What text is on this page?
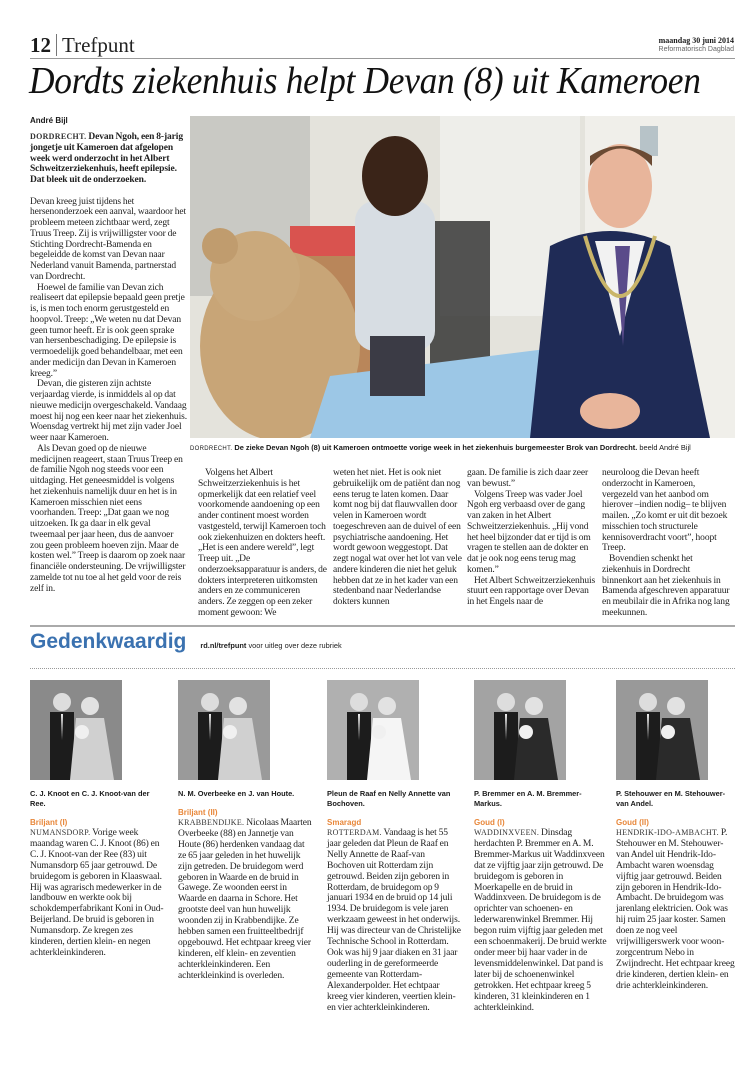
12 Trefpunt	maandag 30 juni 2014
Reformatorisch Dagblad
Dordts ziekenhuis helpt Devan (8) uit Kameroen
André Bijl

DORDRECHT. Devan Ngoh, een 8-jarig jongetje uit Kameroen dat afgelopen week werd onderzocht in het Albert Schweitzerziekenhuis, heeft epilepsie. Dat bleek uit de onderzoeken.

Devan kreeg juist tijdens het hersenonderzoek een aanval, waardoor het probleem meteen zichtbaar werd, zegt Truus Treep. Zij is vrijwilligster voor de Stichting Dordrecht-Bamenda en begeleidde de komst van Devan naar Nederland vanuit Bamenda, partnerstad van Dordrecht.

Hoewel de familie van Devan zich realiseert dat epilepsie bepaald geen pretje is, is men toch enorm gerustgesteld en hoopvol. Treep: „We weten nu dat Devan geen tumor heeft. Er is ook geen sprake van hersenbeschadiging. De epilepsie is vermoedelijk goed behandelbaar, met een ander medicijn dan Devan in Kameroen kreeg.”

Devan, die gisteren zijn achtste verjaardag vierde, is inmiddels al op dat nieuwe medicijn overgeschakeld. Vandaag moest hij nog een keer naar het ziekenhuis. Woensdag vertrekt hij met zijn vader Joel weer naar Kameroen.

Als Devan goed op de nieuwe medicijnen reageert, staan Truus Treep en de familie Ngoh nog steeds voor een uitdaging. Het geneesmiddel is volgens het ziekenhuis namelijk duur en het is in Kameroen misschien niet eens voorhanden. Treep: „Dat gaan we nog uitzoeken. Ik ga daar in elk geval tweemaal per jaar heen, dus de aanvoer zou geen probleem hoeven zijn. Maar de kosten wel.” Treep is daarom op zoek naar financiële ondersteuning. De vrijwilligster zamelde tot nu toe al het geld voor de reis zelf in.

DORDRECHT. De zieke Devan Ngoh (8) uit Kameroen ontmoette vorige week in het ziekenhuis burgemeester Brok van Dordrecht. beeld André Bijl

Volgens het Albert Schweitzerziekenhuis is het opmerkelijk dat een relatief veel voorkomende aandoening op een ander continent moest worden vastgesteld, terwijl Kameroen toch ook ziekenhuizen en dokters heeft. „Het is een andere wereld”, legt Treep uit. „De onderzoeksapparatuur is anders, de dokters interpreteren uitkomsten anders en ze communiceren anders. Ze zeggen op een zeker moment gewoon: We

weten het niet. Het is ook niet gebruikelijk om de patiënt dan nog eens terug te laten komen. Daar komt nog bij dat flauwvallen door velen in Kameroen wordt toegeschreven aan de duivel of een psychiatrische aandoening. Het wordt gewoon weggestopt. Dat zegt nogal wat over het lot van vele andere kinderen die niet het geluk hebben dat ze in het kader van een stedenband naar Nederlandse dokters kunnen

gaan. De familie is zich daar zeer van bewust.”

Volgens Treep was vader Joel Ngoh erg verbaasd over de gang van zaken in het Albert Schweitzerziekenhuis. „Hij vond het heel bijzonder dat er tijd is om vragen te stellen aan de dokter en dat je ook nog eens terug mag komen.”

Het Albert Schweitzerziekenhuis stuurt een rapportage over Devan in het Engels naar de

neuroloog die Devan heeft onderzocht in Kameroen, vergezeld van het aanbod om hierover –indien nodig– te blijven mailen. „Zo komt er uit dit bezoek misschien toch structurele kennisoverdracht voort”, hoopt Treep.

Bovendien schenkt het ziekenhuis in Dordrecht binnenkort aan het ziekenhuis in Bamenda afgeschreven apparatuur en meubilair die in Afrika nog lang meekunnen.

Gedenkwaardig rd.nl/trefpunt voor uitleg over deze rubriek
C. J. Knoot en C. J. Knoot-van der Ree.
Briljant (I)
NUMANSDORP. Vorige week maandag waren C. J. Knoot (86) en C. J. Knoot-van der Ree (83) uit Numansdorp 65 jaar getrouwd. De bruidegom is geboren in Klaaswaal. Hij was agrarisch medewerker in de landbouw en werkte ook bij schokdemperfabrikant Koni in Oud-Beijerland. De bruid is geboren in Numansdorp. Ze kregen zes kinderen, dertien klein- en negen achterkleinkinderen.
N. M. Overbeeke en J. van Houte.
Briljant (II)
KRABBENDIJKE. Nicolaas Maarten Overbeeke (88) en Jannetje van Houte (86) herdenken vandaag dat ze 65 jaar geleden in het huwelijk zijn getreden. De bruidegom werd geboren in Waarde en de bruid in Gawege. Ze woonden eerst in Waarde en daarna in Schore. Het grootste deel van hun huwelijk woonden zij in Krabbendijke. Ze hebben samen een fruitteeltbedrijf opgebouwd. Het echtpaar kreeg vier kinderen, elf klein- en zeventien achterkleinkinderen. Een achterkleinkind is overleden.
Pleun de Raaf en Nelly Annette van Bochoven.
Smaragd
ROTTERDAM. Vandaag is het 55 jaar geleden dat Pleun de Raaf en Nelly Annette de Raaf-van Bochoven uit Rotterdam zijn getrouwd. Beiden zijn geboren in Rotterdam, de bruidegom op 9 januari 1934 en de bruid op 14 juli 1934. De bruidegom is vele jaren werkzaam geweest in het onderwijs. Hij was directeur van de Christelijke Technische School in Rotterdam. Ook was hij 9 jaar diaken en 31 jaar ouderling in de gereformeerde gemeente van Rotterdam-Alexanderpolder. Het echtpaar kreeg vier kinderen, veertien klein- en vier achterkleinkinderen.
P. Bremmer en A. M. Bremmer-Markus.
Goud (I)
WADDINXVEEN. Dinsdag herdachten P. Bremmer en A. M. Bremmer-Markus uit Waddinxveen dat ze vijftig jaar zijn getrouwd. De bruidegom is geboren in Moerkapelle en de bruid in Waddinxveen. De bruidegom is de oprichter van schoenen- en lederwarenwinkel Bremmer. Hij begon ruim vijftig jaar geleden met een schoenmakerij. De bruid werkte onder meer bij haar vader in de levensmiddelenwinkel. Dat pand is later bij de schoenenwinkel getrokken. Het echtpaar kreeg 5 kinderen, 31 kleinkinderen en 1 achterkleinkind.
P. Stehouwer en M. Stehouwer-van Andel.
Goud (II)
HENDRIK-IDO-AMBACHT. P. Stehouwer en M. Stehouwer-van Andel uit Hendrik-Ido-Ambacht waren woensdag vijftig jaar getrouwd. Beiden zijn geboren in Hendrik-Ido-Ambacht. De bruidegom was jarenlang elektricien. Ook was hij ruim 25 jaar koster. Samen doen ze nog veel vrijwilligerswerk voor woon-zorgcentrum Nebo in Zwijndrecht. Het echtpaar kreeg drie kinderen, dertien klein- en drie achterkleinkinderen.
